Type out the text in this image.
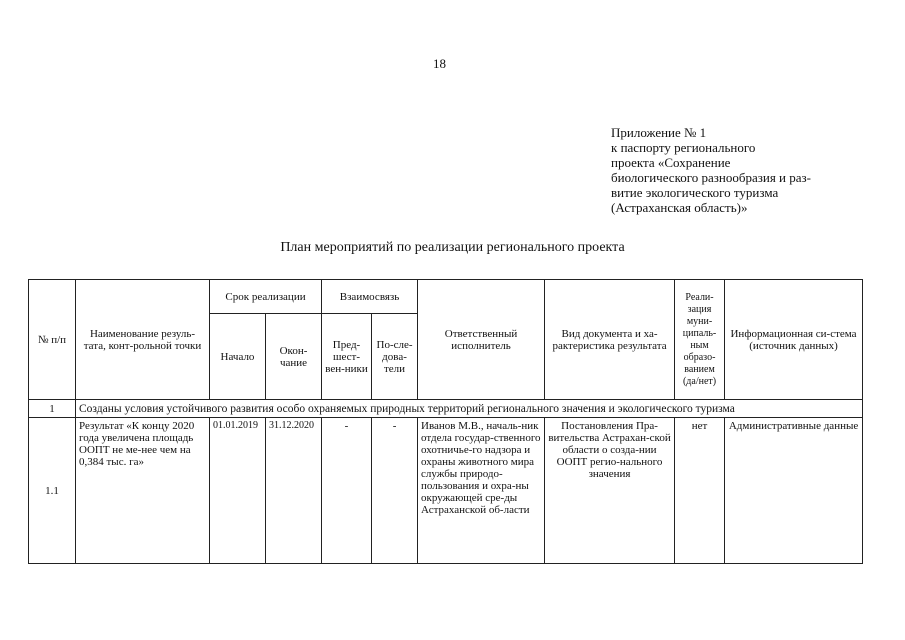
18
Приложение № 1
к паспорту регионального
проекта «Сохранение
биологического разнообразия и раз-
витие экологического туризма
(Астраханская область)»
План мероприятий по реализации регионального проекта
№ п/п	Наименование резуль-тата, конт-рольной точки	Срок реализации		Взаимосвязь		Ответственный исполнитель	Вид документа и ха-рактеристика результата	Реали-зация муни-ципаль-ным образо-ванием (да/нет)	Информационная си-стема (источник данных)
		Начало	Окон-чание	Пред-шест-вен-ники	По-сле-дова-тели				
1	Созданы условия устойчивого развития особо охраняемых природных территорий регионального значения и экологического туризма								
1.1	Результат «К концу 2020 года увеличена площадь ООПТ не ме-нее чем на 0,384 тыс. га»	01.01.2019	31.12.2020	-	-	Иванов М.В., началь-ник отдела государ-ственного охотничье-го надзора и охраны животного мира службы природо-пользования и охра-ны окружающей сре-ды Астраханской об-ласти	Постановления Пра-вительства Астрахан-ской области о созда-нии ООПТ регио-нального значения	нет	Административные данные
